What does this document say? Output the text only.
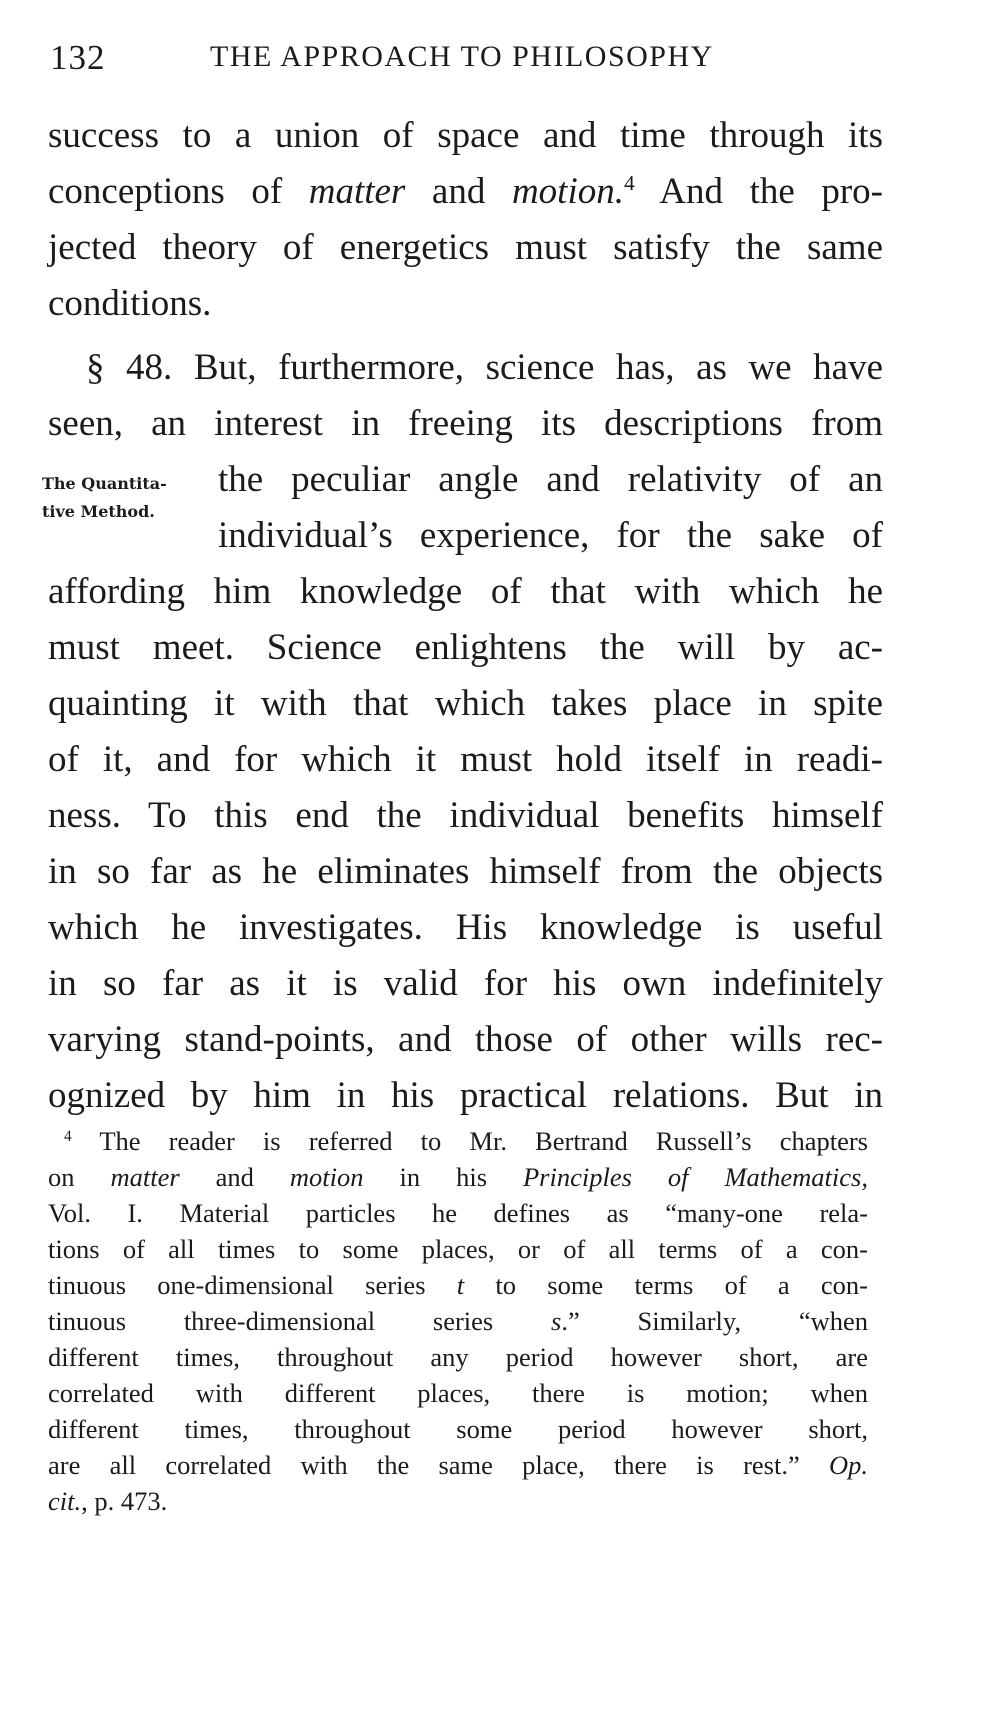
132	THE APPROACH TO PHILOSOPHY
The Quantita-
tive Method.
success to a union of space and time through its
conceptions of matter and motion.$^4$ And the pro-
jected theory of energetics must satisfy the same
conditions.
§ 48. But, furthermore, science has, as we have
seen, an interest in freeing its descriptions from
the peculiar angle and relativity of an
individual’s experience, for the sake of
affording him knowledge of that with which he
must meet. Science enlightens the will by ac-
quainting it with that which takes place in spite
of it, and for which it must hold itself in readi-
ness. To this end the individual benefits himself
in so far as he eliminates himself from the objects
which he investigates. His knowledge is useful
in so far as it is valid for his own indefinitely
varying stand-points, and those of other wills rec-
ognized by him in his practical relations. But in
$^4$ The reader is referred to Mr. Bertrand Russell’s chapters
on matter and motion in his Principles of Mathematics,
Vol. I. Material particles he defines as “many-one rela-
tions of all times to some places, or of all terms of a con-
tinuous one-dimensional series t to some terms of a con-
tinuous three-dimensional series s.” Similarly, “when
different times, throughout any period however short, are
correlated with different places, there is motion; when
different times, throughout some period however short,
are all correlated with the same place, there is rest.” Op.
cit., p. 473.
